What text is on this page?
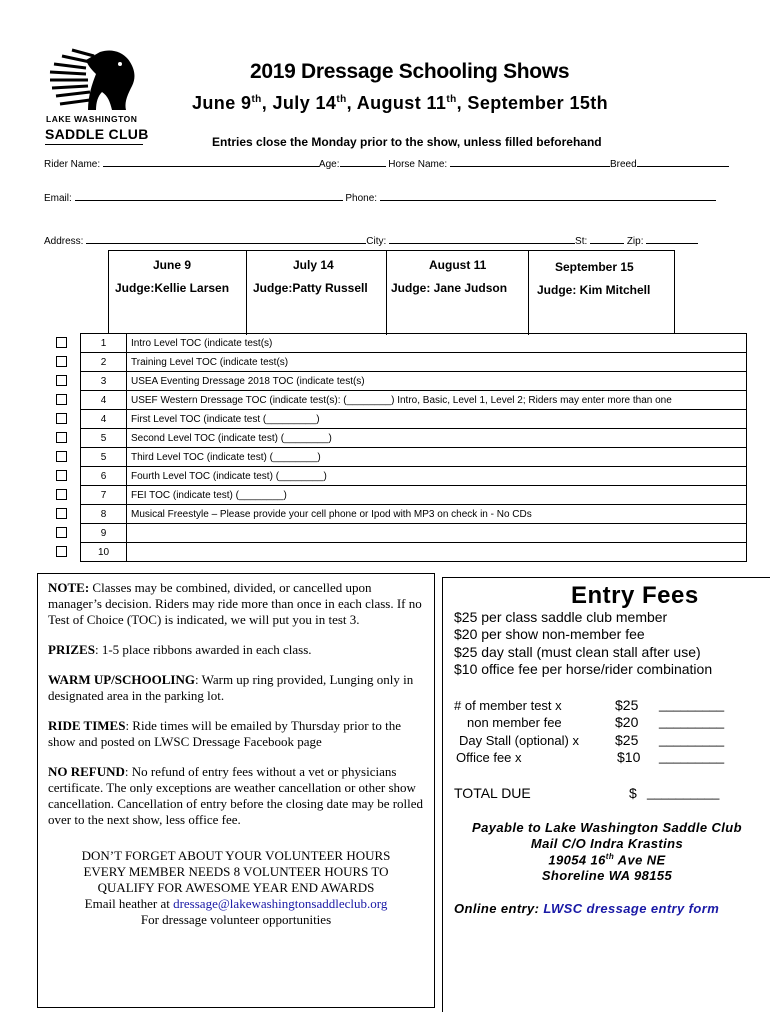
LAKE WASHINGTON
SADDLE CLUB
2019 Dressage Schooling Shows
June 9th, July 14th, August 11th, September 15th
Entries close the Monday prior to the show, unless filled beforehand
Rider Name:	Age:	Horse Name:	Breed
Email:	Phone:
Address:	City:	St:	Zip:
June 9
Judge:Kellie Larsen
July 14
Judge:Patty Russell
August 11
Judge: Jane Judson
September 15
Judge: Kim Mitchell
	1	Intro Level TOC (indicate test(s)
	2	Training Level TOC (indicate test(s)
	3	USEA Eventing Dressage 2018 TOC (indicate test(s)
	4	USEF Western Dressage TOC (indicate test(s): (________) Intro, Basic, Level 1, Level 2; Riders may enter more than one
	4	First Level TOC (indicate test (_________)
	5	Second Level TOC (indicate test) (________)
	5	Third Level TOC (indicate test) (________)
	6	Fourth Level TOC (indicate test) (________)
	7	FEI TOC (indicate test) (________)
	8	Musical Freestyle – Please provide your cell phone or Ipod with MP3 on check in - No CDs
	9	
	10	

NOTE: Classes may be combined, divided, or cancelled upon manager’s decision. Riders may ride more than once in each class. If no Test of Choice (TOC) is indicated, we will put you in test 3.

PRIZES: 1-5 place ribbons awarded in each class.

WARM UP/SCHOOLING: Warm up ring provided, Lunging only in designated area in the parking lot.

RIDE TIMES: Ride times will be emailed by Thursday prior to the show and posted on LWSC Dressage Facebook page

NO REFUND: No refund of entry fees without a vet or physicians certificate. The only exceptions are weather cancellation or other show cancellation. Cancellation of entry before the closing date may be rolled over to the next show, less office fee.

DON’T FORGET ABOUT YOUR VOLUNTEER HOURS

EVERY MEMBER NEEDS 8 VOLUNTEER HOURS TO

QUALIFY FOR AWESOME YEAR END AWARDS

Email heather at dressage@lakewashingtonsaddleclub.org

For dressage volunteer opportunities

Entry Fees
$25 per class saddle club member
$20 per show non-member fee
$25 day stall (must clean stall after use)
$10 office fee per horse/rider combination
# of member test x	$25 _________
non member fee	$20 _________
Day Stall (optional) x	$25 _________
Office fee x	$10 _________
TOTAL DUE	$ __________
Payable to Lake Washington Saddle Club
Mail C/O Indra Krastins
19054 16th Ave NE
Shoreline WA 98155
Online entry: LWSC dressage entry form
